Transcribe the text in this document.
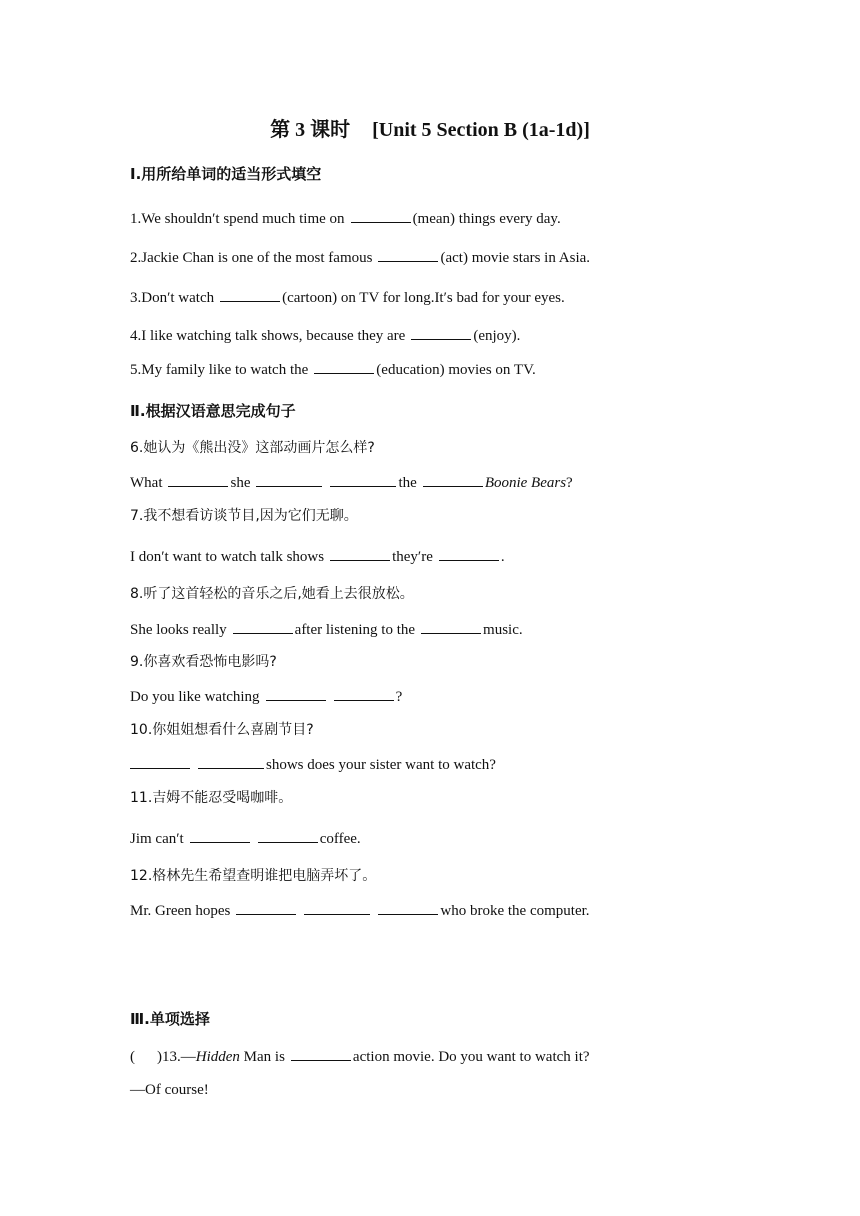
第 3 课时 [Unit 5 Section B (1a-1d)]
Ⅰ.用所给单词的适当形式填空
1.We shouldn′t spend much time on	(mean) things every day.
2.Jackie Chan is one of the most famous	(act) movie stars in Asia.
3.Don′t watch	(cartoon) on TV for long.It′s bad for your eyes.
4.I like watching talk shows, because they are	(enjoy).
5.My family like to watch the	(education) movies on TV.
Ⅱ.根据汉语意思完成句子
6.她认为《熊出没》这部动画片怎么样?
What	she	the	Boonie Bears?
7.我不想看访谈节目,因为它们无聊。
I don′t want to watch talk shows	they′re	.
8.听了这首轻松的音乐之后,她看上去很放松。
She looks really	after listening to the	music.
9.你喜欢看恐怖电影吗?
Do you like watching	?
10.你姐姐想看什么喜剧节目?
shows does your sister want to watch?
11.吉姆不能忍受喝咖啡。
Jim can′t	coffee.
12.格林先生希望查明谁把电脑弄坏了。
Mr. Green hopes	who broke the computer.
Ⅲ.单项选择
( )13.—Hidden Man is	action movie. Do you want to watch it?
—Of course!
